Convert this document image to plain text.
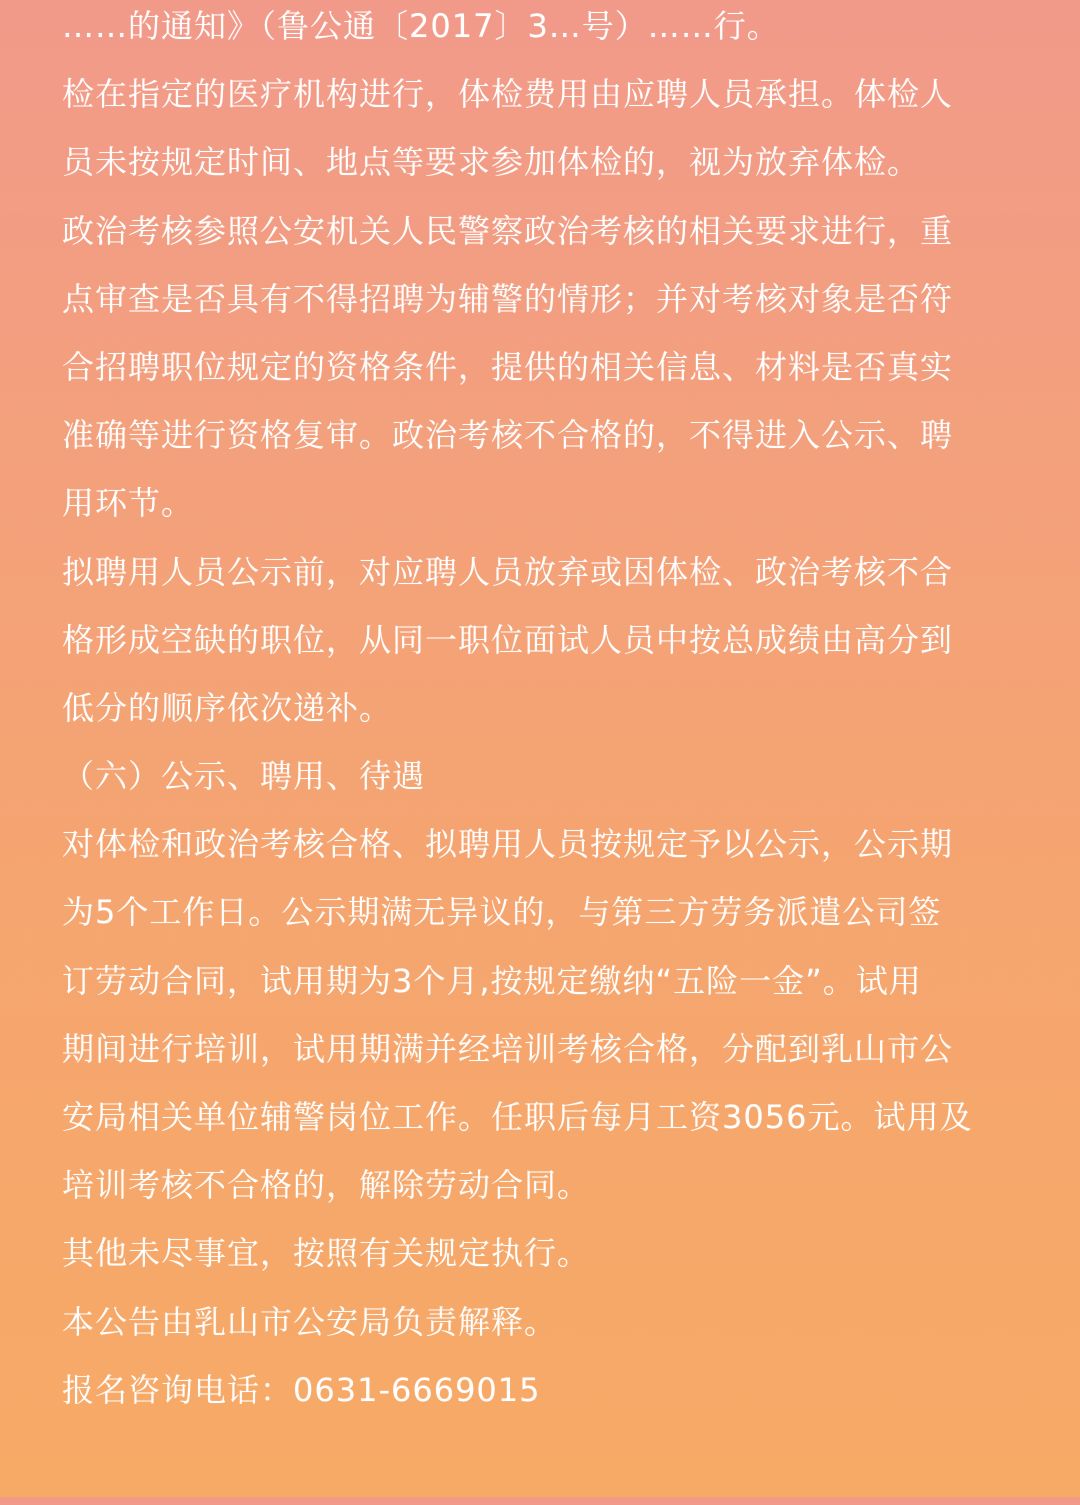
……的通知》（鲁公通〔2017〕3…号）……行。
检在指定的医疗机构进行，体检费用由应聘人员承担。体检人
员未按规定时间、地点等要求参加体检的，视为放弃体检。
政治考核参照公安机关人民警察政治考核的相关要求进行，重
点审查是否具有不得招聘为辅警的情形；并对考核对象是否符
合招聘职位规定的资格条件，提供的相关信息、材料是否真实
准确等进行资格复审。政治考核不合格的，不得进入公示、聘
用环节。
拟聘用人员公示前，对应聘人员放弃或因体检、政治考核不合
格形成空缺的职位，从同一职位面试人员中按总成绩由高分到
低分的顺序依次递补。
（六）公示、聘用、待遇
对体检和政治考核合格、拟聘用人员按规定予以公示，公示期
为5个工作日。公示期满无异议的，与第三方劳务派遣公司签
订劳动合同，试用期为3个月,按规定缴纳“五险一金”。试用
期间进行培训，试用期满并经培训考核合格，分配到乳山市公
安局相关单位辅警岗位工作。任职后每月工资3056元。试用及
培训考核不合格的，解除劳动合同。
其他未尽事宜，按照有关规定执行。
本公告由乳山市公安局负责解释。
报名咨询电话：0631-6669015
